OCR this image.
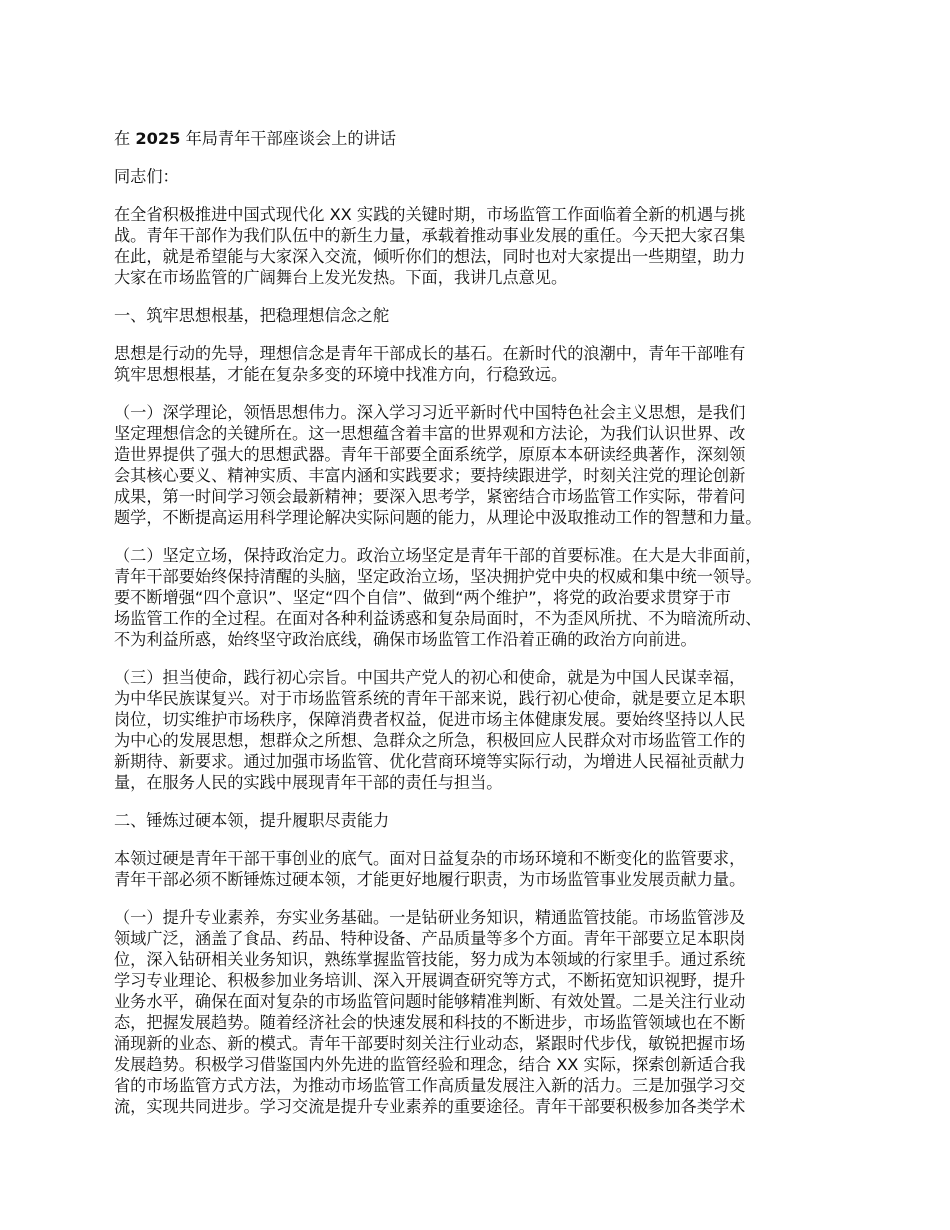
在 2025 年局青年干部座谈会上的讲话
同志们：
在全省积极推进中国式现代化 XX 实践的关键时期，市场监管工作面临着全新的机遇与挑
战。青年干部作为我们队伍中的新生力量，承载着推动事业发展的重任。今天把大家召集
在此，就是希望能与大家深入交流，倾听你们的想法，同时也对大家提出一些期望，助力
大家在市场监管的广阔舞台上发光发热。下面，我讲几点意见。
一、筑牢思想根基，把稳理想信念之舵
思想是行动的先导，理想信念是青年干部成长的基石。在新时代的浪潮中，青年干部唯有
筑牢思想根基，才能在复杂多变的环境中找准方向，行稳致远。
（一）深学理论，领悟思想伟力。深入学习习近平新时代中国特色社会主义思想，是我们
坚定理想信念的关键所在。这一思想蕴含着丰富的世界观和方法论，为我们认识世界、改
造世界提供了强大的思想武器。青年干部要全面系统学，原原本本研读经典著作，深刻领
会其核心要义、精神实质、丰富内涵和实践要求；要持续跟进学，时刻关注党的理论创新
成果，第一时间学习领会最新精神；要深入思考学，紧密结合市场监管工作实际，带着问
题学，不断提高运用科学理论解决实际问题的能力，从理论中汲取推动工作的智慧和力量。
（二）坚定立场，保持政治定力。政治立场坚定是青年干部的首要标准。在大是大非面前，
青年干部要始终保持清醒的头脑，坚定政治立场，坚决拥护党中央的权威和集中统一领导。
要不断增强“四个意识”、坚定“四个自信”、做到“两个维护”，将党的政治要求贯穿于市
场监管工作的全过程。在面对各种利益诱惑和复杂局面时，不为歪风所扰、不为暗流所动、
不为利益所惑，始终坚守政治底线，确保市场监管工作沿着正确的政治方向前进。
（三）担当使命，践行初心宗旨。中国共产党人的初心和使命，就是为中国人民谋幸福，
为中华民族谋复兴。对于市场监管系统的青年干部来说，践行初心使命，就是要立足本职
岗位，切实维护市场秩序，保障消费者权益，促进市场主体健康发展。要始终坚持以人民
为中心的发展思想，想群众之所想、急群众之所急，积极回应人民群众对市场监管工作的
新期待、新要求。通过加强市场监管、优化营商环境等实际行动，为增进人民福祉贡献力
量，在服务人民的实践中展现青年干部的责任与担当。
二、锤炼过硬本领，提升履职尽责能力
本领过硬是青年干部干事创业的底气。面对日益复杂的市场环境和不断变化的监管要求，
青年干部必须不断锤炼过硬本领，才能更好地履行职责，为市场监管事业发展贡献力量。
（一）提升专业素养，夯实业务基础。一是钻研业务知识，精通监管技能。市场监管涉及
领域广泛，涵盖了食品、药品、特种设备、产品质量等多个方面。青年干部要立足本职岗
位，深入钻研相关业务知识，熟练掌握监管技能，努力成为本领域的行家里手。通过系统
学习专业理论、积极参加业务培训、深入开展调查研究等方式，不断拓宽知识视野，提升
业务水平，确保在面对复杂的市场监管问题时能够精准判断、有效处置。二是关注行业动
态，把握发展趋势。随着经济社会的快速发展和科技的不断进步，市场监管领域也在不断
涌现新的业态、新的模式。青年干部要时刻关注行业动态，紧跟时代步伐，敏锐把握市场
发展趋势。积极学习借鉴国内外先进的监管经验和理念，结合 XX 实际，探索创新适合我
省的市场监管方式方法，为推动市场监管工作高质量发展注入新的活力。三是加强学习交
流，实现共同进步。学习交流是提升专业素养的重要途径。青年干部要积极参加各类学术
